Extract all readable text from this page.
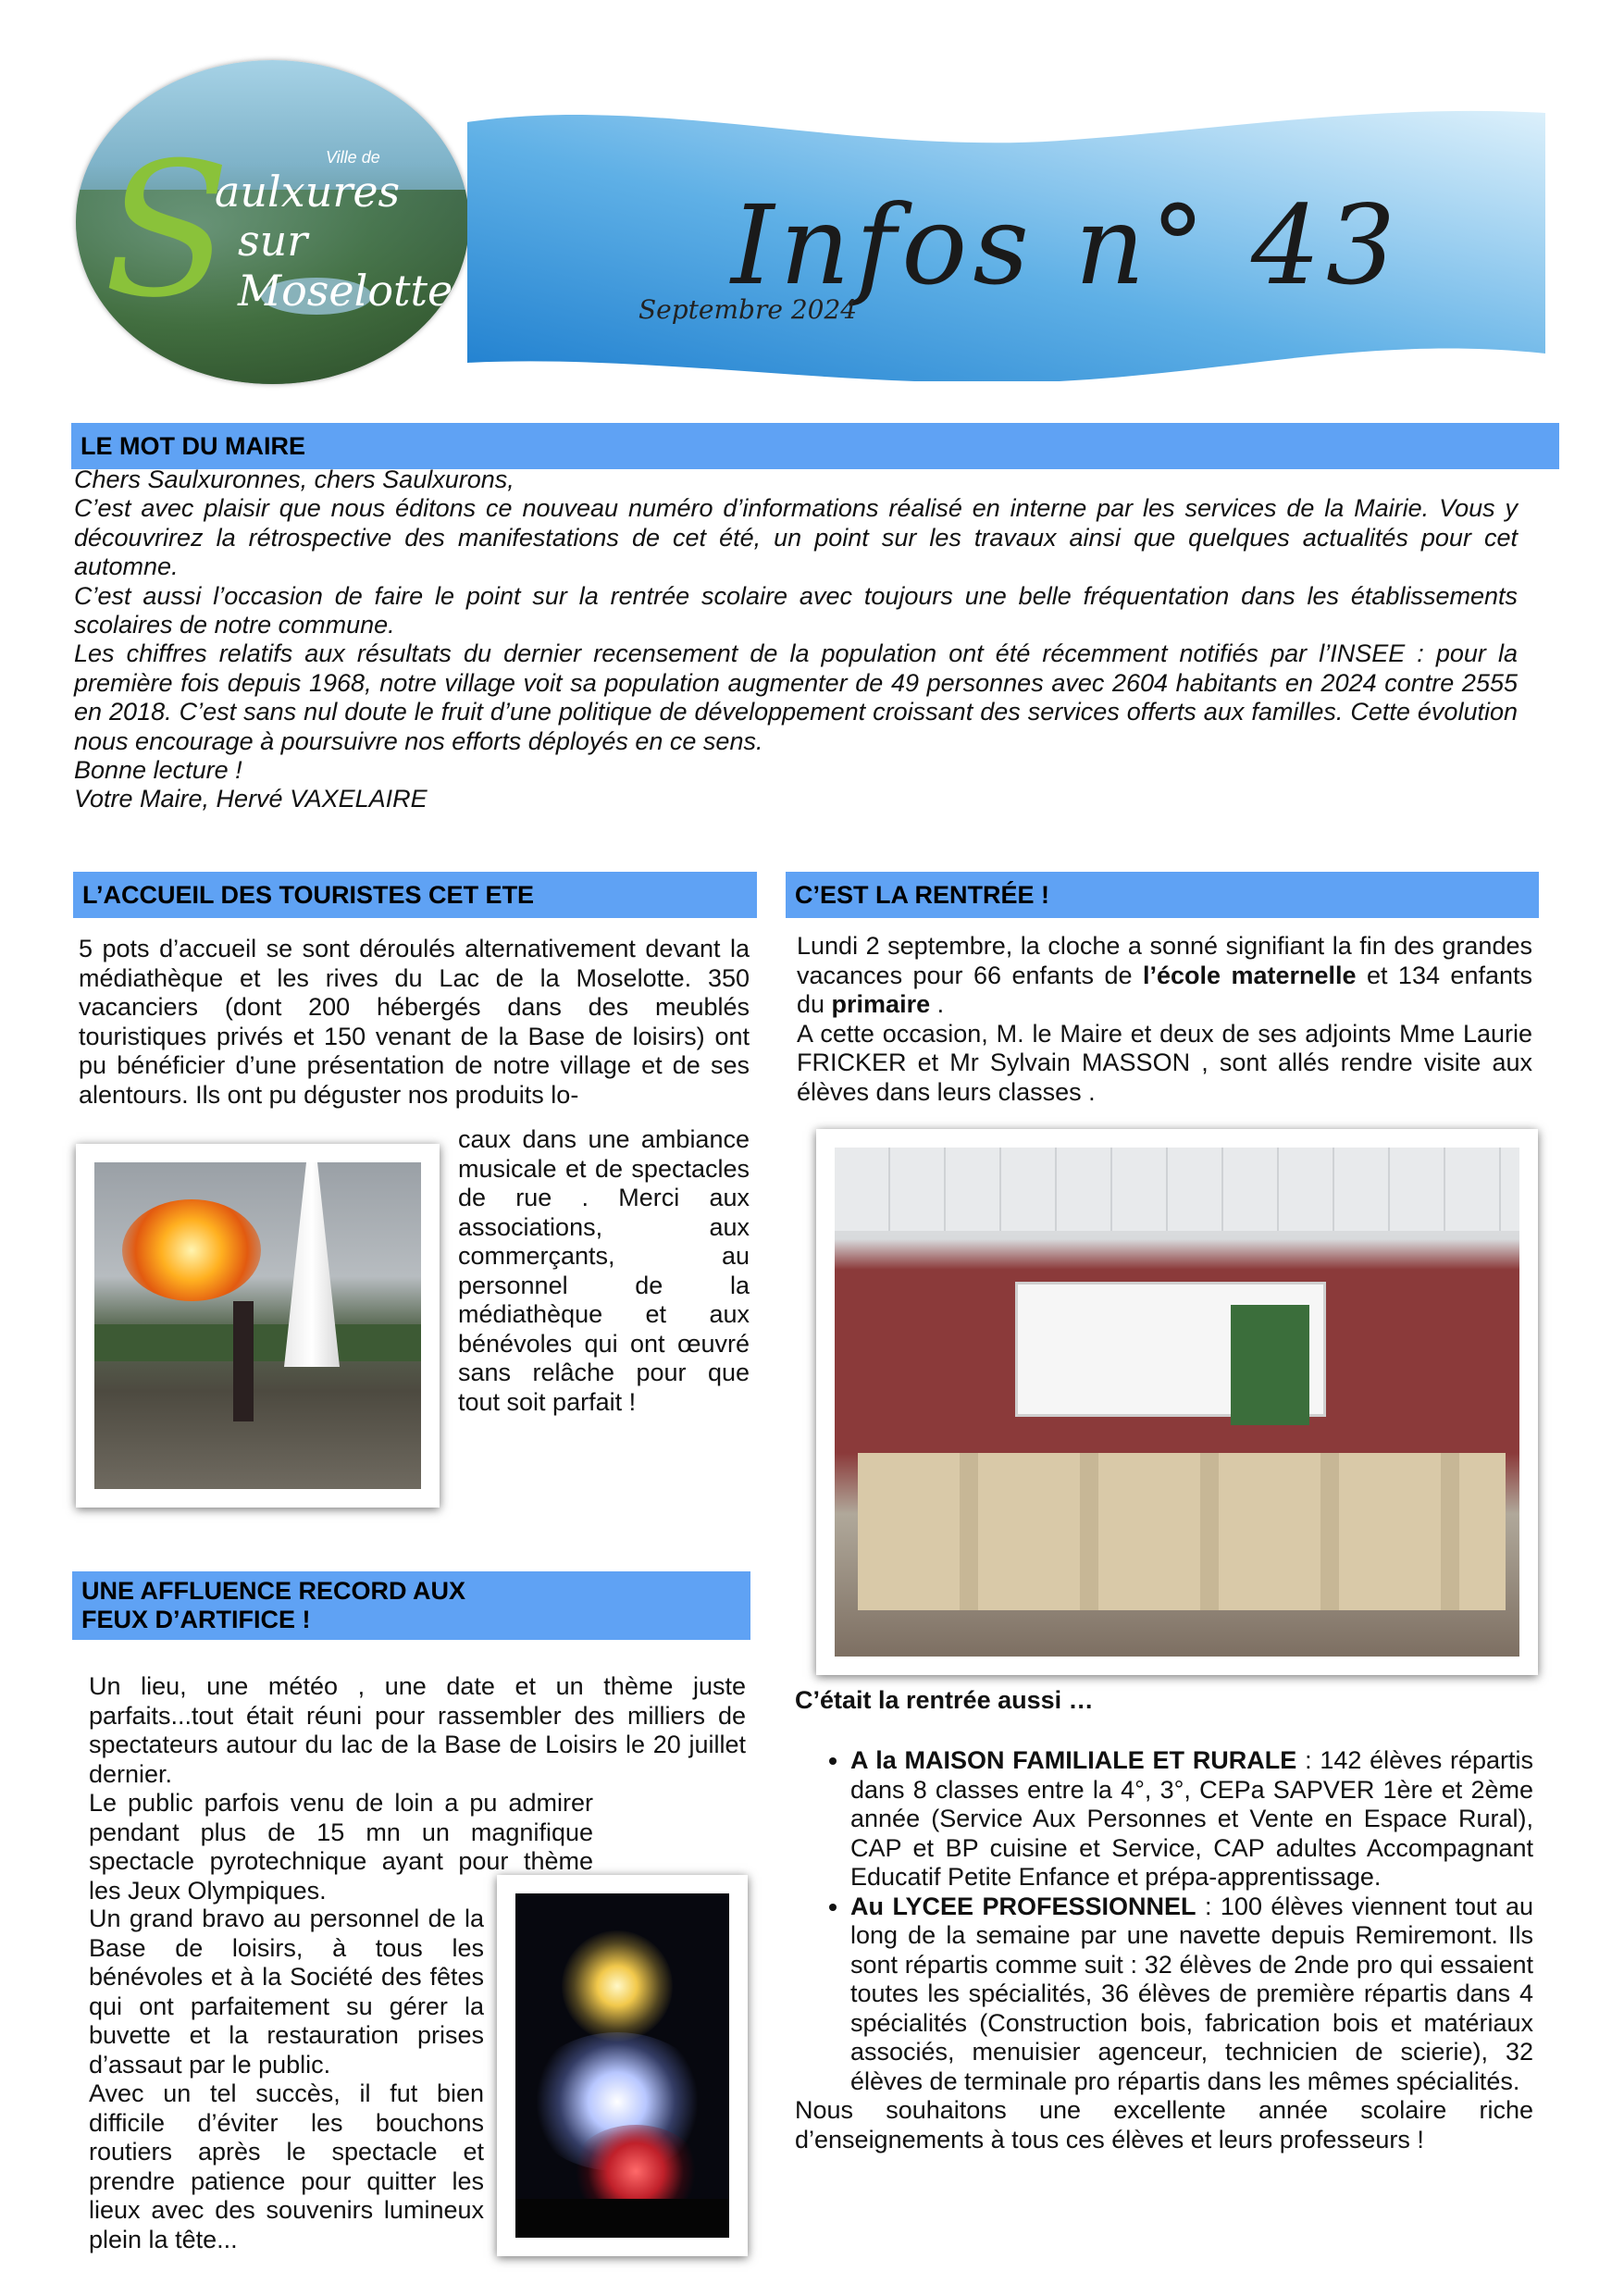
Ville de
S
aulxures
sur Moselotte	Infos n° 43
Septembre 2024
LE MOT DU MAIRE

Chers Saulxuronnes, chers Saulxurons,

C’est avec plaisir que nous éditons ce nouveau numéro d’informations réalisé en interne par les services de la Mairie. Vous y découvrirez la rétrospective des manifestations de cet été, un point sur les travaux ainsi que quelques actualités pour cet automne.

C’est aussi l’occasion de faire le point sur la rentrée scolaire avec toujours une belle fréquentation dans les établissements scolaires de notre commune.

Les chiffres relatifs aux résultats du dernier recensement de la population ont été récemment notifiés par l’INSEE : pour la première fois depuis 1968, notre village voit sa population augmenter de 49 personnes avec 2604 habitants en 2024 contre 2555 en 2018. C’est sans nul doute le fruit d’une politique de développement croissant des services offerts aux familles. Cette évolution nous encourage à poursuivre nos efforts déployés en ce sens.

Bonne lecture !

Votre Maire, Hervé VAXELAIRE

L’ACCUEIL DES TOURISTES CET ETE
5 pots d’accueil se sont déroulés alternativement devant la médiathèque et les rives du Lac de la Moselotte. 350 vacanciers (dont 200 hébergés dans des meublés touristiques privés et 150 venant de la Base de loisirs) ont pu bénéficier d’une présentation de notre village et de ses alentours. Ils ont pu déguster nos produits lo-
caux dans une ambiance musicale et de spectacles de rue . Merci aux associations, aux commerçants, au personnel de la médiathèque et aux bénévoles qui ont œuvré sans relâche pour que tout soit parfait !
C’EST LA RENTRÉE !

Lundi 2 septembre, la cloche a sonné signifiant la fin des grandes vacances pour 66 enfants de l’école maternelle et 134 enfants du primaire .

A cette occasion, M. le Maire et deux de ses adjoints Mme Laurie FRICKER et Mr Sylvain MASSON , sont allés rendre visite aux élèves dans leurs classes .

UNE AFFLUENCE RECORD AUX
FEUX D’ARTIFICE !

Un lieu, une météo , une date et un thème juste parfaits...tout était réuni pour rassembler des milliers de spectateurs autour du lac de la Base de Loisirs le 20 juillet dernier.

Le public parfois venu de loin a pu admirer pendant plus de 15 mn un magnifique spectacle pyrotechnique ayant pour thème les Jeux Olympiques.

Un grand bravo au personnel de la Base de loisirs, à tous les bénévoles et à la Société des fêtes qui ont parfaitement su gérer la buvette et la restauration prises d’assaut par le public.

Avec un tel succès, il fut bien difficile d’éviter les bouchons routiers après le spectacle et prendre patience pour quitter les lieux avec des souvenirs lumineux plein la tête...

C’était la rentrée aussi …
• A la MAISON FAMILIALE ET RURALE : 142 élèves répartis dans 8 classes entre la 4°, 3°, CEPa SAPVER 1ère et 2ème année (Service Aux Personnes et Vente en Espace Rural), CAP et BP cuisine et Service, CAP adultes Accompagnant Educatif Petite Enfance et prépa-apprentissage.
• Au LYCEE PROFESSIONNEL : 100 élèves viennent tout au long de la semaine par une navette depuis Remiremont. Ils sont répartis comme suit : 32 élèves de 2nde pro qui essaient toutes les spécialités, 36 élèves de première répartis dans 4 spécialités (Construction bois, fabrication bois et matériaux associés, menuisier agenceur, technicien de scierie), 32 élèves de terminale pro répartis dans les mêmes spécialités.

Nous souhaitons une excellente année scolaire riche d’enseignements à tous ces élèves et leurs professeurs !
